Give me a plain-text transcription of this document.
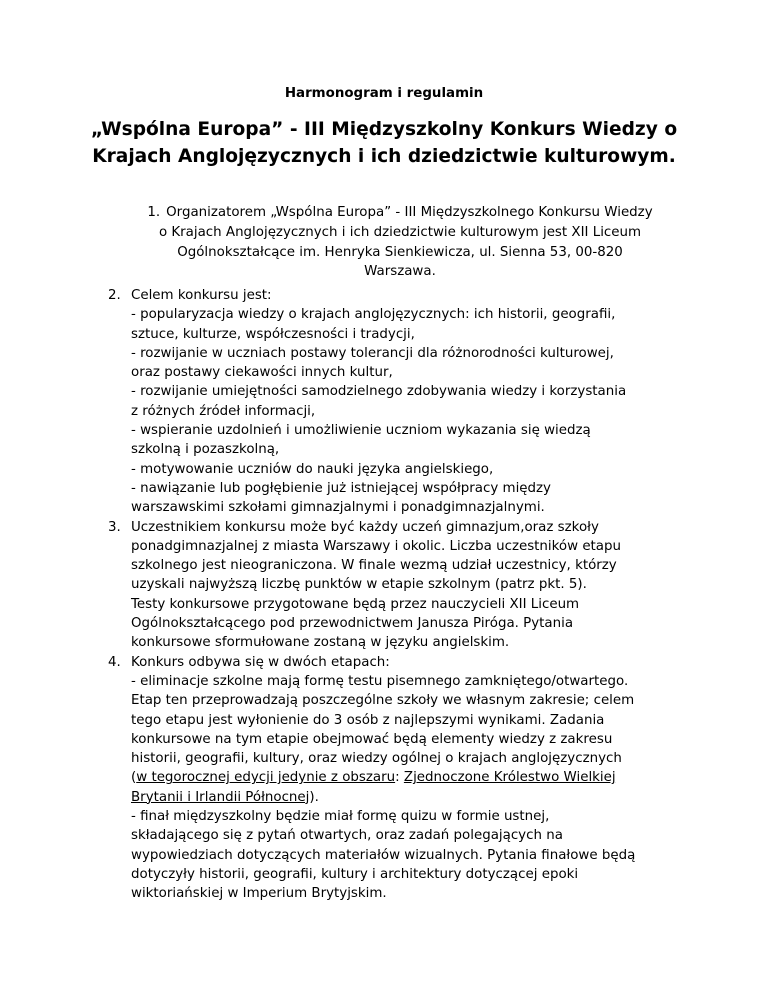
Harmonogram i regulamin
„Wspólna Europa” - III Międzyszkolny Konkurs Wiedzy o
Krajach Anglojęzycznych i ich dziedzictwie kulturowym.
1. Organizatorem „Wspólna Europa” - III Międzyszkolnego Konkursu Wiedzy
o Krajach Anglojęzycznych i ich dziedzictwie kulturowym jest XII Liceum
Ogólnokształcące im. Henryka Sienkiewicza, ul. Sienna 53, 00-820
Warszawa.
2. Celem konkursu jest:
- popularyzacja wiedzy o krajach anglojęzycznych: ich historii, geografii,
sztuce, kulturze, współczesności i tradycji,
- rozwijanie w uczniach postawy tolerancji dla różnorodności kulturowej,
oraz postawy ciekawości innych kultur,
- rozwijanie umiejętności samodzielnego zdobywania wiedzy i korzystania
z różnych źródeł informacji,
- wspieranie uzdolnień i umożliwienie uczniom wykazania się wiedzą
szkolną i pozaszkolną,
- motywowanie uczniów do nauki języka angielskiego,
- nawiązanie lub pogłębienie już istniejącej współpracy między
warszawskimi szkołami gimnazjalnymi i ponadgimnazjalnymi.
3. Uczestnikiem konkursu może być każdy uczeń gimnazjum,oraz szkoły
ponadgimnazjalnej z miasta Warszawy i okolic. Liczba uczestników etapu
szkolnego jest nieograniczona. W finale wezmą udział uczestnicy, którzy
uzyskali najwyższą liczbę punktów w etapie szkolnym (patrz pkt. 5).
Testy konkursowe przygotowane będą przez nauczycieli XII Liceum
Ogólnokształcącego pod przewodnictwem Janusza Piróga. Pytania
konkursowe sformułowane zostaną w języku angielskim.
4. Konkurs odbywa się w dwóch etapach:
- eliminacje szkolne mają formę testu pisemnego zamkniętego/otwartego.
Etap ten przeprowadzają poszczególne szkoły we własnym zakresie; celem
tego etapu jest wyłonienie do 3 osób z najlepszymi wynikami. Zadania
konkursowe na tym etapie obejmować będą elementy wiedzy z zakresu
historii, geografii, kultury, oraz wiedzy ogólnej o krajach anglojęzycznych
(w tegorocznej edycji jedynie z obszaru: Zjednoczone Królestwo Wielkiej
Brytanii i Irlandii Północnej).
- finał międzyszkolny będzie miał formę quizu w formie ustnej,
składającego się z pytań otwartych, oraz zadań polegających na
wypowiedziach dotyczących materiałów wizualnych. Pytania finałowe będą
dotyczyły historii, geografii, kultury i architektury dotyczącej epoki
wiktoriańskiej w Imperium Brytyjskim.
